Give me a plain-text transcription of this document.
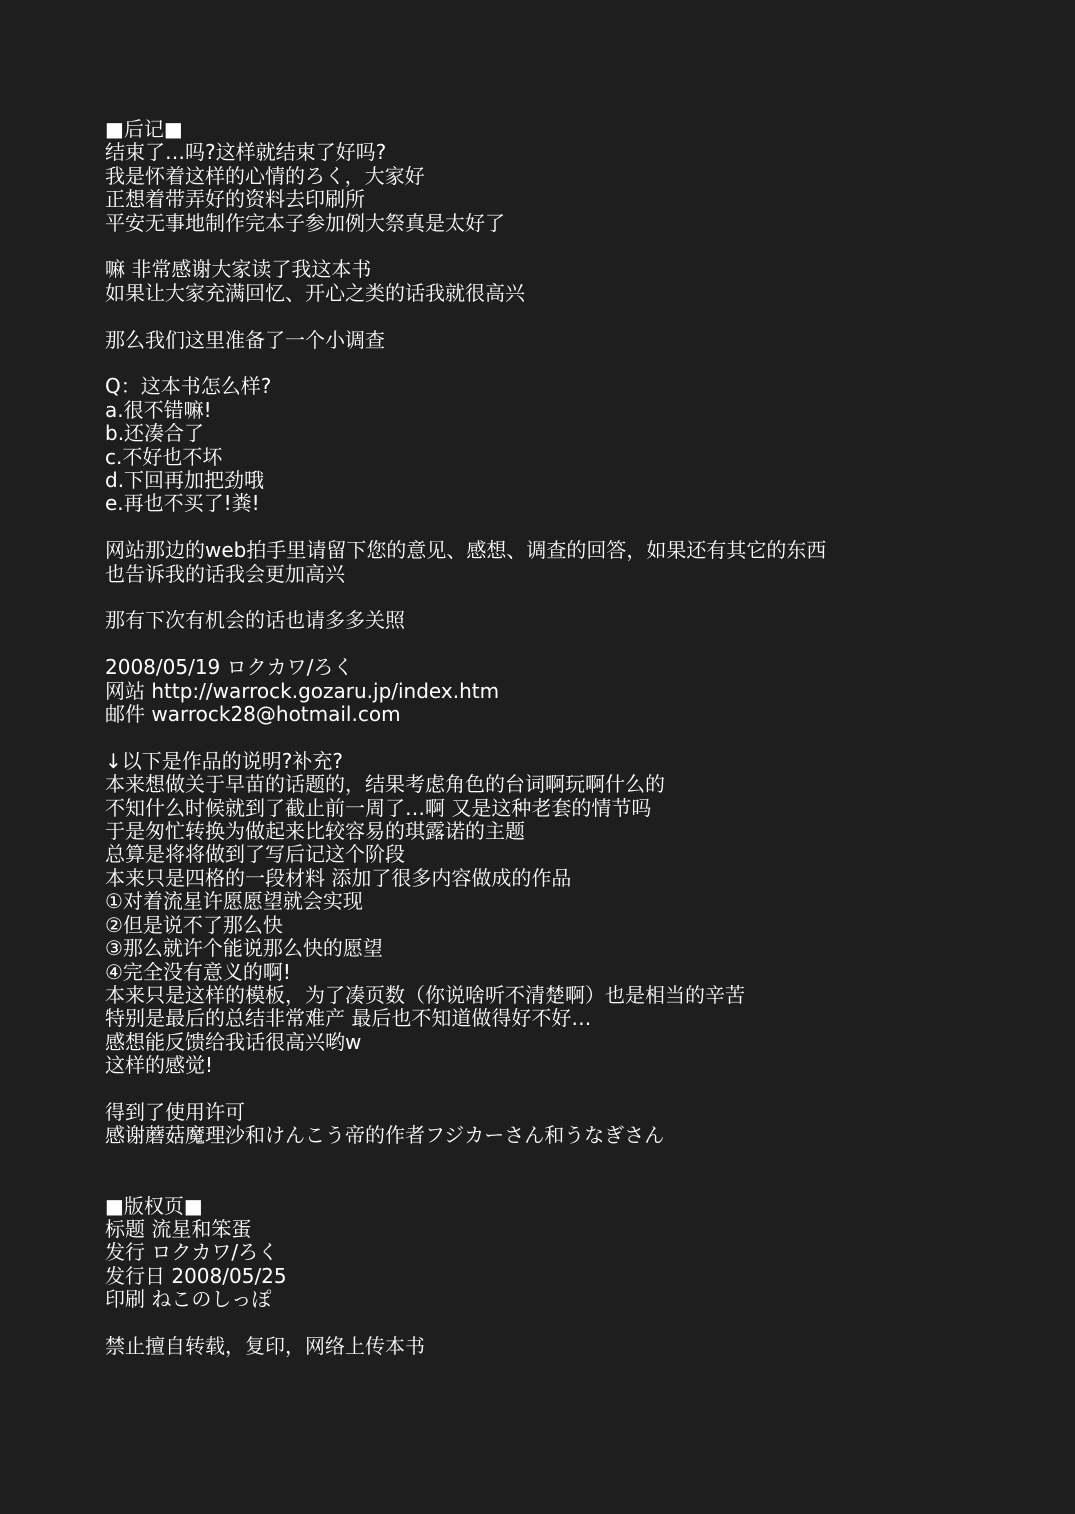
■后记■
结束了…吗?这样就结束了好吗?
我是怀着这样的心情的ろく，大家好
正想着带弄好的资料去印刷所
平安无事地制作完本子参加例大祭真是太好了
嘛 非常感谢大家读了我这本书
如果让大家充满回忆、开心之类的话我就很高兴
那么我们这里准备了一个小调查
Q：这本书怎么样?
a.很不错嘛!
b.还凑合了
c.不好也不坏
d.下回再加把劲哦
e.再也不买了!粪!
网站那边的web拍手里请留下您的意见、感想、调查的回答，如果还有其它的东西
也告诉我的话我会更加高兴
那有下次有机会的话也请多多关照
2008/05/19 ロクカワ/ろく
网站 http://warrock.gozaru.jp/index.htm
邮件 warrock28@hotmail.com
↓以下是作品的说明?补充?
本来想做关于早苗的话题的，结果考虑角色的台词啊玩啊什么的
不知什么时候就到了截止前一周了…啊 又是这种老套的情节吗
于是匆忙转换为做起来比较容易的琪露诺的主题
总算是将将做到了写后记这个阶段
本来只是四格的一段材料 添加了很多内容做成的作品
①对着流星许愿愿望就会实现
②但是说不了那么快
③那么就许个能说那么快的愿望
④完全没有意义的啊!
本来只是这样的模板，为了凑页数（你说啥听不清楚啊）也是相当的辛苦
特别是最后的总结非常难产 最后也不知道做得好不好…
感想能反馈给我话很高兴哟w
这样的感觉!
得到了使用许可
感谢蘑菇魔理沙和けんこう帝的作者フジカーさん和うなぎさん
■版权页■
标题 流星和笨蛋
发行 ロクカワ/ろく
发行日 2008/05/25
印刷 ねこのしっぽ
禁止擅自转载，复印，网络上传本书
